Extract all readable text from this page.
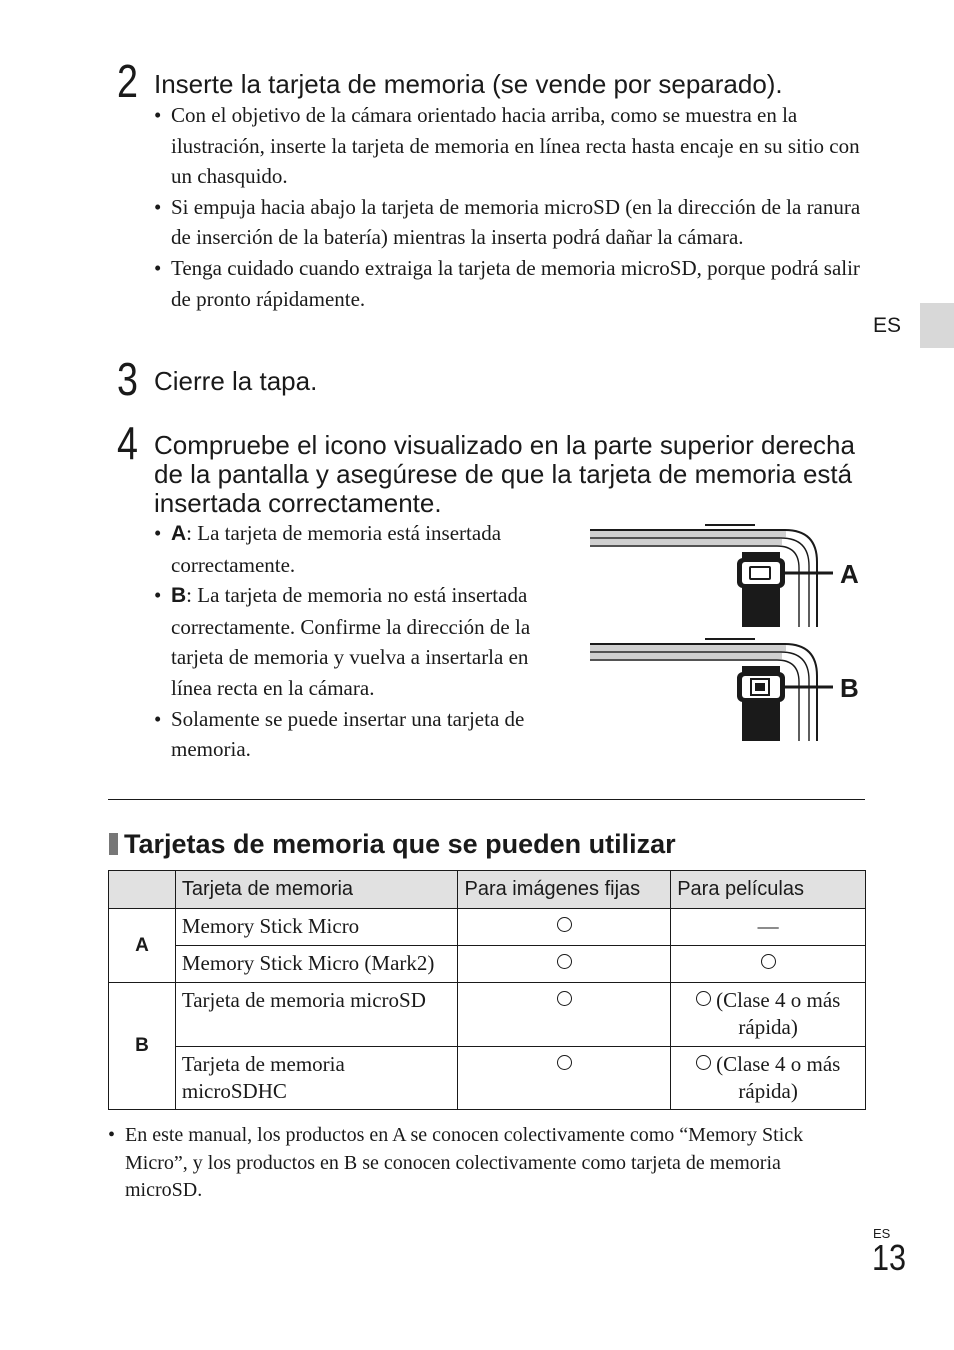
ES
2 Inserte la tarjeta de memoria (se vende por separado).
• Con el objetivo de la cámara orientado hacia arriba, como se muestra en la ilustración, inserte la tarjeta de memoria en línea recta hasta encaje en su sitio con un chasquido.
• Si empuja hacia abajo la tarjeta de memoria microSD (en la dirección de la ranura de inserción de la batería) mientras la inserta podrá dañar la cámara.
• Tenga cuidado cuando extraiga la tarjeta de memoria microSD, porque podrá salir de pronto rápidamente.
3 Cierre la tapa.
4 Compruebe el icono visualizado en la parte superior derecha de la pantalla y asegúrese de que la tarjeta de memoria está insertada correctamente.
• A: La tarjeta de memoria está insertada correctamente.
• B: La tarjeta de memoria no está insertada correctamente. Confirme la dirección de la tarjeta de memoria y vuelva a insertarla en línea recta en la cámara.
• Solamente se puede insertar una tarjeta de memoria.
A
B
Tarjetas de memoria que se pueden utilizar
	Tarjeta de memoria	Para imágenes fijas	Para películas
A	Memory Stick Micro		—
	Memory Stick Micro (Mark2)		
B	Tarjeta de memoria microSD		(Clase 4 o más rápida)
	Tarjeta de memoria microSDHC		(Clase 4 o más rápida)
• En este manual, los productos en A se conocen colectivamente como “Memory Stick Micro”, y los productos en B se conocen colectivamente como tarjeta de memoria microSD.
ES
13
